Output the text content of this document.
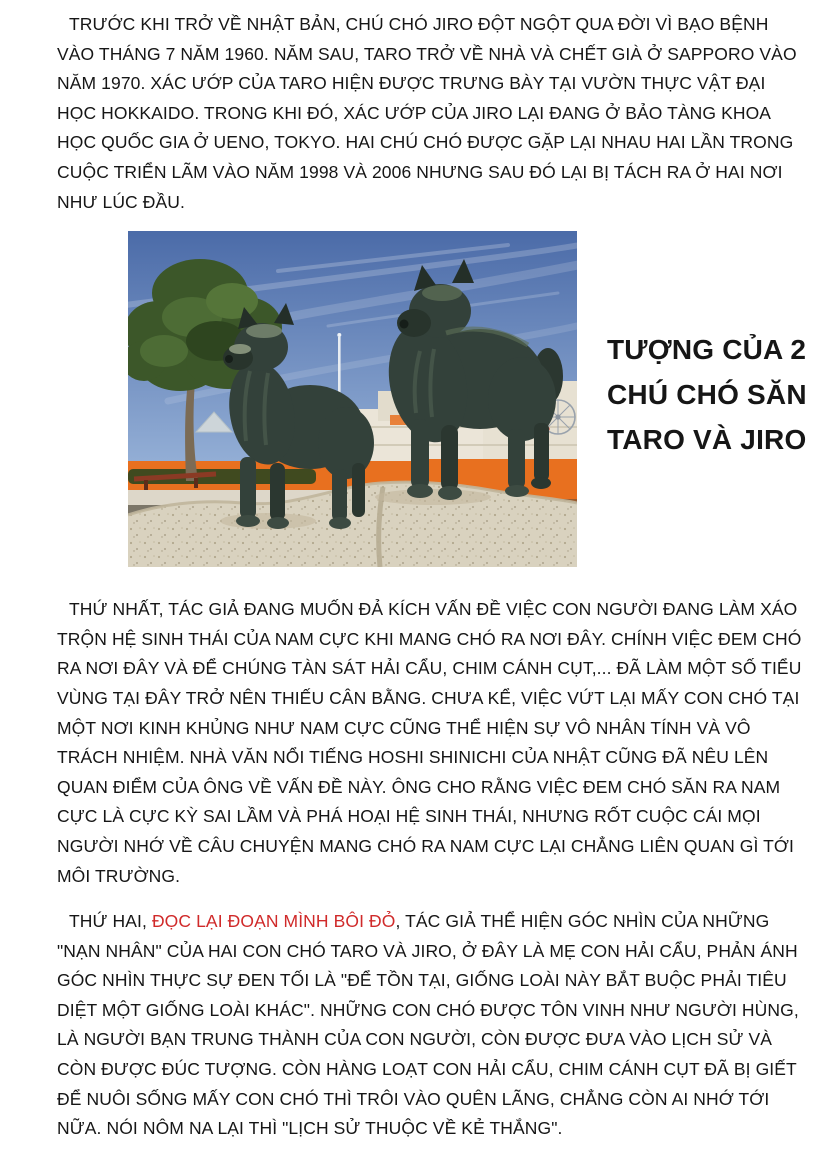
TRƯỚC KHI TRỞ VỀ NHẬT BẢN, CHÚ CHÓ JIRO ĐỘT NGỘT QUA ĐỜI VÌ BẠO BỆNH VÀO THÁNG 7 NĂM 1960. NĂM SAU, TARO TRỞ VỀ NHÀ VÀ CHẾT GIÀ Ở SAPPORO VÀO NĂM 1970. XÁC ƯỚP CỦA TARO HIỆN ĐƯỢC TRƯNG BÀY TẠI VƯỜN THỰC VẬT ĐẠI HỌC HOKKAIDO. TRONG KHI ĐÓ, XÁC ƯỚP CỦA JIRO LẠI ĐANG Ở BẢO TÀNG KHOA HỌC QUỐC GIA Ở UENO, TOKYO. HAI CHÚ CHÓ ĐƯỢC GẶP LẠI NHAU HAI LẦN TRONG CUỘC TRIỂN LÃM VÀO NĂM 1998 VÀ 2006 NHƯNG SAU ĐÓ LẠI BỊ TÁCH RA Ở HAI NƠI NHƯ LÚC ĐẦU.
TƯỢNG CỦA 2
CHÚ CHÓ SĂN
TARO VÀ JIRO
THỨ NHẤT, TÁC GIẢ ĐANG MUỐN ĐẢ KÍCH VẤN ĐỀ VIỆC CON NGƯỜI ĐANG LÀM XÁO TRỘN HỆ SINH THÁI CỦA NAM CỰC KHI MANG CHÓ RA NƠI ĐÂY. CHÍNH VIỆC ĐEM CHÓ RA NƠI ĐÂY VÀ ĐỂ CHÚNG TÀN SÁT HẢI CẨU, CHIM CÁNH CỤT,... ĐÃ LÀM MỘT SỐ TIỂU VÙNG TẠI ĐÂY TRỞ NÊN THIẾU CÂN BẰNG. CHƯA KỂ, VIỆC VỨT LẠI MẤY CON CHÓ TẠI MỘT NƠI KINH KHỦNG NHƯ NAM CỰC CŨNG THỂ HIỆN SỰ VÔ NHÂN TÍNH VÀ VÔ TRÁCH NHIỆM. NHÀ VĂN NỔI TIẾNG HOSHI SHINICHI CỦA NHẬT CŨNG ĐÃ NÊU LÊN QUAN ĐIỂM CỦA ÔNG VỀ VẤN ĐỀ NÀY. ÔNG CHO RẰNG VIỆC ĐEM CHÓ SĂN RA NAM CỰC LÀ CỰC KỲ SAI LẦM VÀ PHÁ HOẠI HỆ SINH THÁI, NHƯNG RỐT CUỘC CÁI MỌI NGƯỜI NHỚ VỀ CÂU CHUYỆN MANG CHÓ RA NAM CỰC LẠI CHẲNG LIÊN QUAN GÌ TỚI MÔI TRƯỜNG.
THỨ HAI, ĐỌC LẠI ĐOẠN MÌNH BÔI ĐỎ, TÁC GIẢ THỂ HIỆN GÓC NHÌN CỦA NHỮNG "NẠN NHÂN" CỦA HAI CON CHÓ TARO VÀ JIRO, Ở ĐÂY LÀ MẸ CON HẢI CẨU, PHẢN ÁNH GÓC NHÌN THỰC SỰ ĐEN TỐI LÀ "ĐỂ TỒN TẠI, GIỐNG LOÀI NÀY BẮT BUỘC PHẢI TIÊU DIỆT MỘT GIỐNG LOÀI KHÁC". NHỮNG CON CHÓ ĐƯỢC TÔN VINH NHƯ NGƯỜI HÙNG, LÀ NGƯỜI BẠN TRUNG THÀNH CỦA CON NGƯỜI, CÒN ĐƯỢC ĐƯA VÀO LỊCH SỬ VÀ CÒN ĐƯỢC ĐÚC TƯỢNG. CÒN HÀNG LOẠT CON HẢI CẨU, CHIM CÁNH CỤT ĐÃ BỊ GIẾT ĐỂ NUÔI SỐNG MẤY CON CHÓ THÌ TRÔI VÀO QUÊN LÃNG, CHẲNG CÒN AI NHỚ TỚI NỮA. NÓI NÔM NA LẠI THÌ "LỊCH SỬ THUỘC VỀ KẺ THẮNG".
